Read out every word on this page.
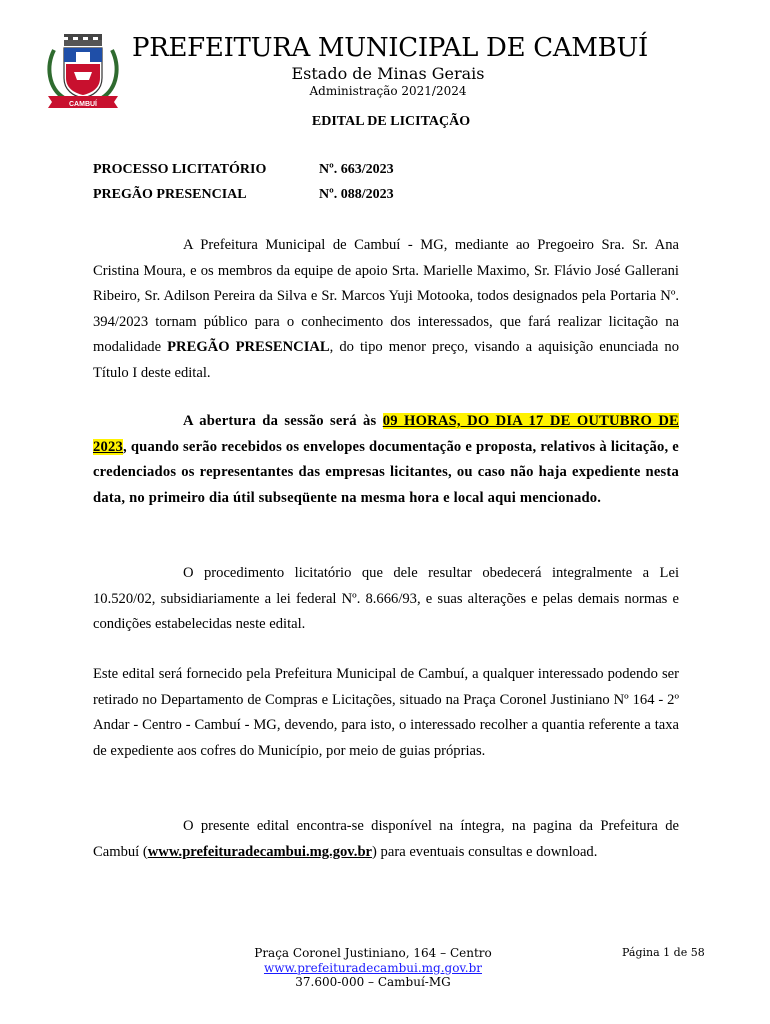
CAMBUÍ
PREFEITURA MUNICIPAL DE CAMBUÍ
Estado de Minas Gerais
Administração 2021/2024
EDITAL DE LICITAÇÃO
PROCESSO LICITATÓRIO	Nº. 663/2023
PREGÃO PRESENCIAL	Nº. 088/2023

A Prefeitura Municipal de Cambuí - MG, mediante ao Pregoeiro Sra. Sr. Ana Cristina Moura, e os membros da equipe de apoio Srta. Marielle Maximo, Sr. Flávio José Gallerani Ribeiro, Sr. Adilson Pereira da Silva e Sr. Marcos Yuji Motooka, todos designados pela Portaria Nº. 394/2023 tornam público para o conhecimento dos interessados, que fará realizar licitação na modalidade PREGÃO PRESENCIAL, do tipo menor preço, visando a aquisição enunciada no Título I deste edital.

A abertura da sessão será às 09 HORAS, DO DIA 17 DE OUTUBRO DE 2023, quando serão recebidos os envelopes documentação e proposta, relativos à licitação, e credenciados os representantes das empresas licitantes, ou caso não haja expediente nesta data, no primeiro dia útil subseqüente na mesma hora e local aqui mencionado.

O procedimento licitatório que dele resultar obedecerá integralmente a Lei 10.520/02, subsidiariamente a lei federal Nº. 8.666/93, e suas alterações e pelas demais normas e condições estabelecidas neste edital.

Este edital será fornecido pela Prefeitura Municipal de Cambuí, a qualquer interessado podendo ser retirado no Departamento de Compras e Licitações, situado na Praça Coronel Justiniano Nº 164 - 2º Andar - Centro - Cambuí - MG, devendo, para isto, o interessado recolher a quantia referente a taxa de expediente aos cofres do Município, por meio de guias próprias.

O presente edital encontra-se disponível na íntegra, na pagina da Prefeitura de Cambuí (www.prefeituradecambui.mg.gov.br) para eventuais consultas e download.

Praça Coronel Justiniano, 164 – Centro
www.prefeituradecambui.mg.gov.br
37.600-000 – Cambuí-MG
Página 1 de 58
